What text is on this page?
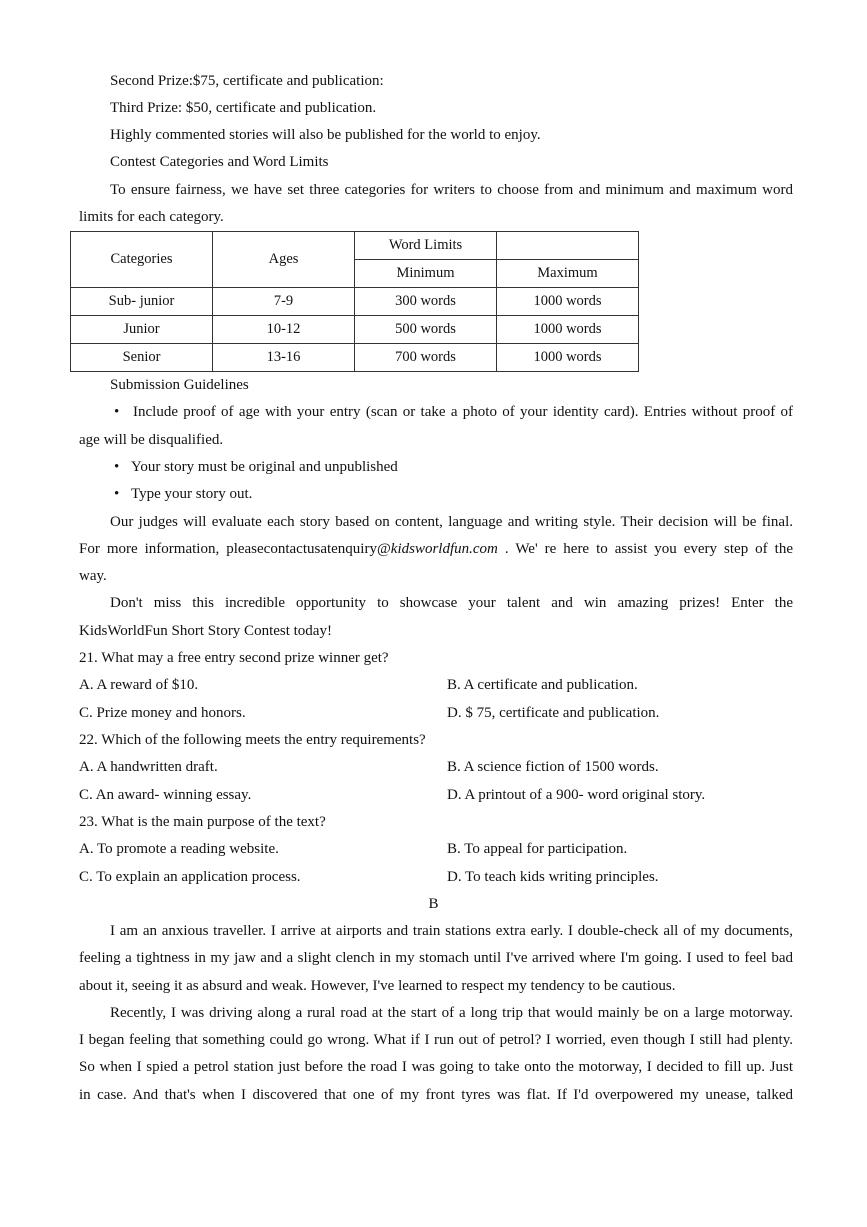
Second Prize:$75, certificate and publication:
Third Prize: $50, certificate and publication.
Highly commented stories will also be published for the world to enjoy.
Contest Categories and Word Limits
To ensure fairness, we have set three categories for writers to choose from and minimum and maximum word
limits for each category.
Categories	Ages	Word Limits	
		Minimum	Maximum
Sub- junior	7-9	300 words	1000 words
Junior	10-12	500 words	1000 words
Senior	13-16	700 words	1000 words
Submission Guidelines
• Include proof of age with your entry (scan or take a photo of your identity card). Entries without proof of
age will be disqualified.
• Your story must be original and unpublished
• Type your story out.
Our judges will evaluate each story based on content, language and writing style. Their decision will be final.
For more information, pleasecontactusatenquiry@kidsworldfun.com . We' re here to assist you every step of the
way.
Don't miss this incredible opportunity to showcase your talent and win amazing prizes! Enter the
KidsWorldFun Short Story Contest today!
21. What may a free entry second prize winner get?
A. A reward of $10.	B. A certificate and publication.
C. Prize money and honors.	D. $ 75, certificate and publication.
22. Which of the following meets the entry requirements?
A. A handwritten draft.	B. A science fiction of 1500 words.
C. An award- winning essay.	D. A printout of a 900- word original story.
23. What is the main purpose of the text?
A. To promote a reading website.	B. To appeal for participation.
C. To explain an application process.	D. To teach kids writing principles.
B
I am an anxious traveller. I arrive at airports and train stations extra early. I double-check all of my documents,
feeling a tightness in my jaw and a slight clench in my stomach until I've arrived where I'm going. I used to feel bad
about it, seeing it as absurd and weak. However, I've learned to respect my tendency to be cautious.
Recently, I was driving along a rural road at the start of a long trip that would mainly be on a large motorway.
I began feeling that something could go wrong. What if I run out of petrol? I worried, even though I still had plenty.
So when I spied a petrol station just before the road I was going to take onto the motorway, I decided to fill up. Just
in case. And that's when I discovered that one of my front tyres was flat. If I'd overpowered my unease, talked
